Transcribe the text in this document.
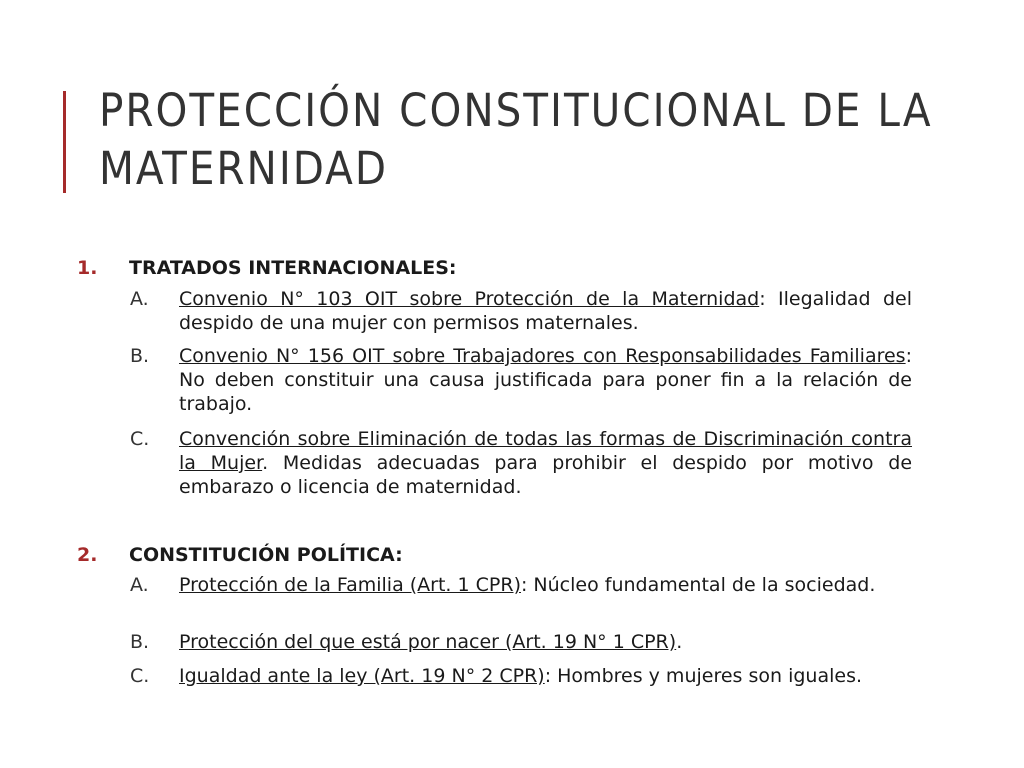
PROTECCIÓN CONSTITUCIONAL DE LA MATERNIDAD
1.	TRATADOS INTERNACIONALES:
A. Convenio N° 103 OIT sobre Protección de la Maternidad: Ilegalidad del despido de una mujer con permisos maternales.
B. Convenio N° 156 OIT sobre Trabajadores con Responsabilidades Familiares: No deben constituir una causa justificada para poner fin a la relación de trabajo.
C. Convención sobre Eliminación de todas las formas de Discriminación contra la Mujer. Medidas adecuadas para prohibir el despido por motivo de embarazo o licencia de maternidad.
2.	CONSTITUCIÓN POLÍTICA:
A. Protección de la Familia (Art. 1 CPR): Núcleo fundamental de la sociedad.
B. Protección del que está por nacer (Art. 19 N° 1 CPR).
C. Igualdad ante la ley (Art. 19 N° 2 CPR): Hombres y mujeres son iguales.
